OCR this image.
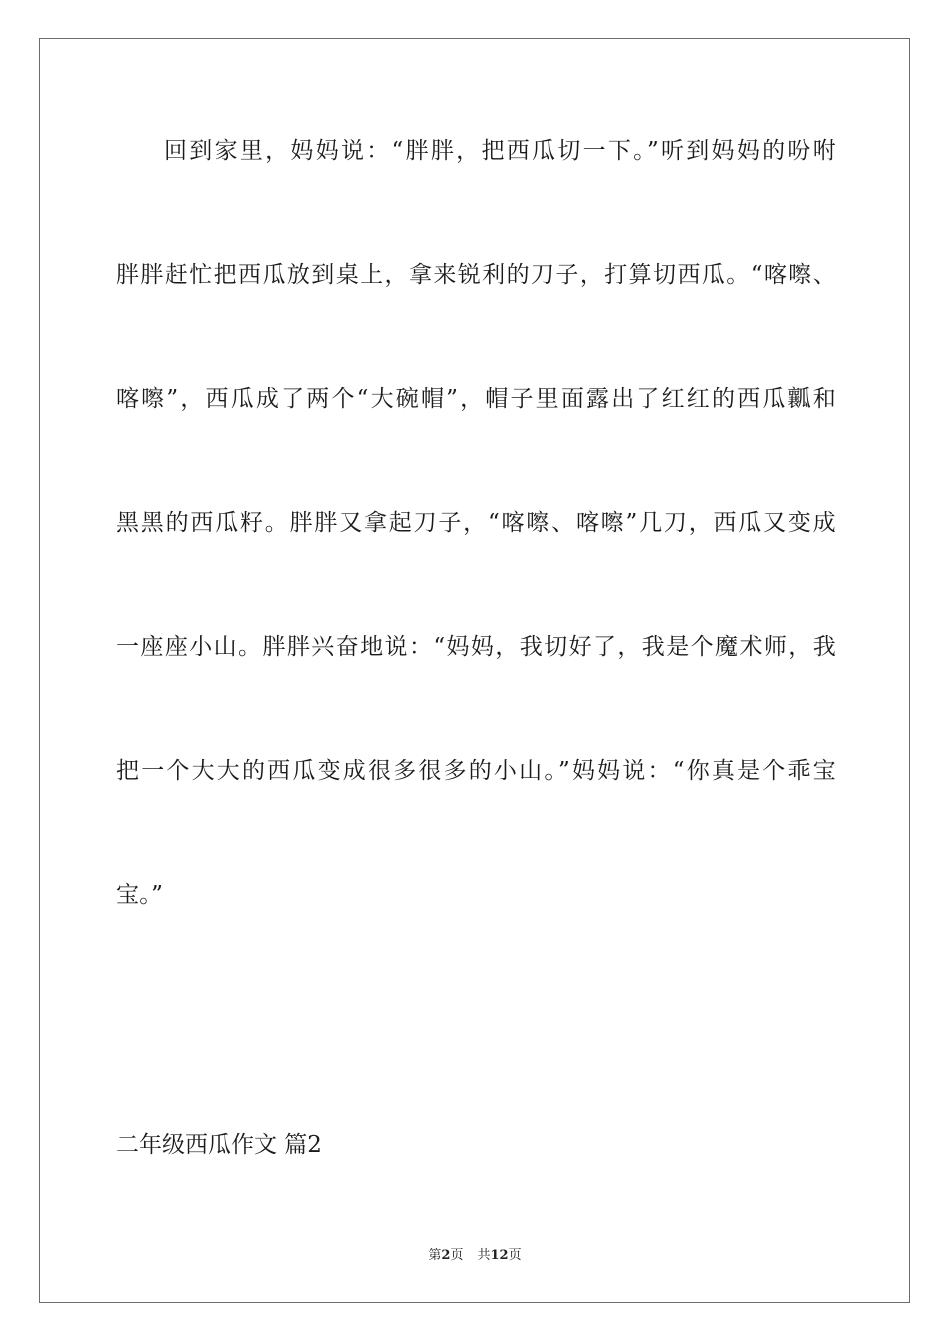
回到家里，妈妈说：“胖胖，把西瓜切一下。”听到妈妈的吩咐
胖胖赶忙把西瓜放到桌上，拿来锐利的刀子，打算切西瓜。“喀嚓、
喀嚓”，西瓜成了两个“大碗帽”，帽子里面露出了红红的西瓜瓤和
黑黑的西瓜籽。胖胖又拿起刀子，“喀嚓、喀嚓”几刀，西瓜又变成
一座座小山。胖胖兴奋地说：“妈妈，我切好了，我是个魔术师，我
把一个大大的西瓜变成很多很多的小山。”妈妈说：“你真是个乖宝
宝。”
二年级西瓜作文 篇2
第2页 共12页
